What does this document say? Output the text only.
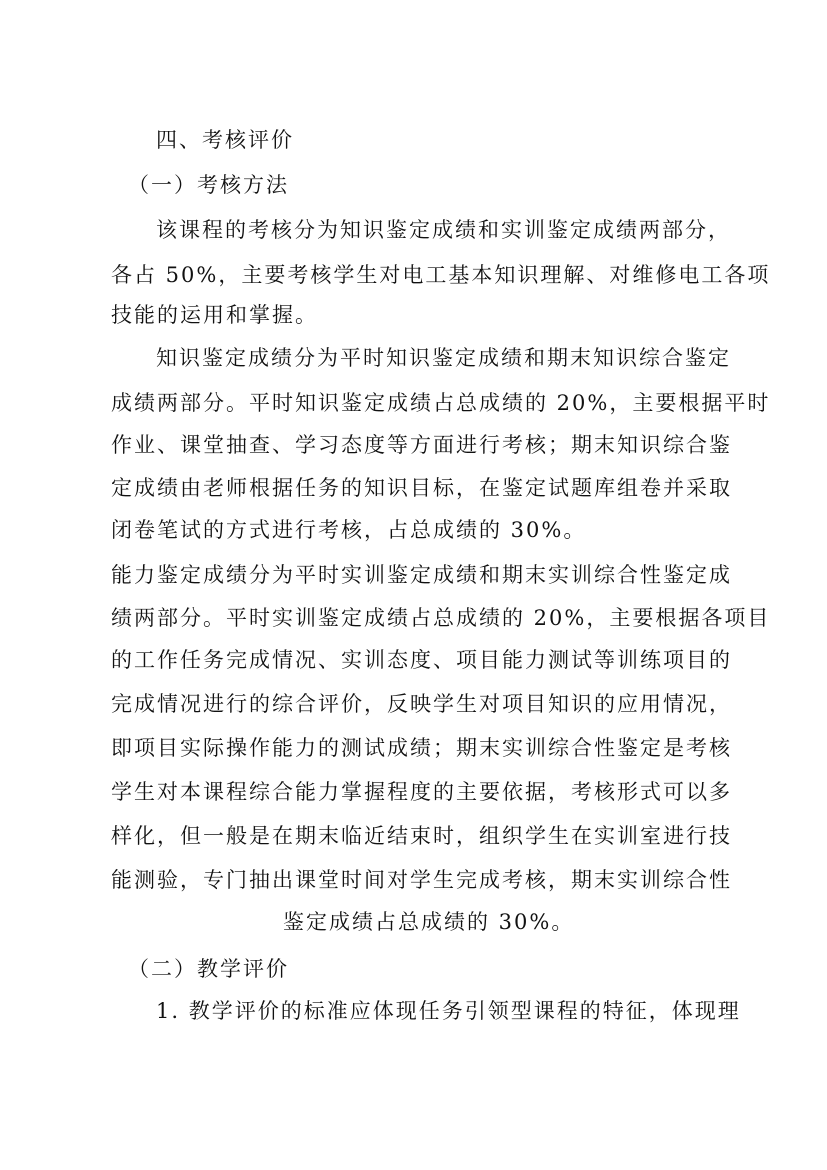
四、考核评价
（一）考核方法
该课程的考核分为知识鉴定成绩和实训鉴定成绩两部分，
各占 50%，主要考核学生对电工基本知识理解、对维修电工各项
技能的运用和掌握。
知识鉴定成绩分为平时知识鉴定成绩和期末知识综合鉴定
成绩两部分。平时知识鉴定成绩占总成绩的 20%，主要根据平时
作业、课堂抽查、学习态度等方面进行考核；期末知识综合鉴
定成绩由老师根据任务的知识目标，在鉴定试题库组卷并采取
闭卷笔试的方式进行考核，占总成绩的 30%。
能力鉴定成绩分为平时实训鉴定成绩和期末实训综合性鉴定成
绩两部分。平时实训鉴定成绩占总成绩的 20%，主要根据各项目
的工作任务完成情况、实训态度、项目能力测试等训练项目的
完成情况进行的综合评价，反映学生对项目知识的应用情况，
即项目实际操作能力的测试成绩；期末实训综合性鉴定是考核
学生对本课程综合能力掌握程度的主要依据，考核形式可以多
样化，但一般是在期末临近结束时，组织学生在实训室进行技
能测验，专门抽出课堂时间对学生完成考核，期末实训综合性
鉴定成绩占总成绩的 30%。
（二）教学评价
1. 教学评价的标准应体现任务引领型课程的特征，体现理
